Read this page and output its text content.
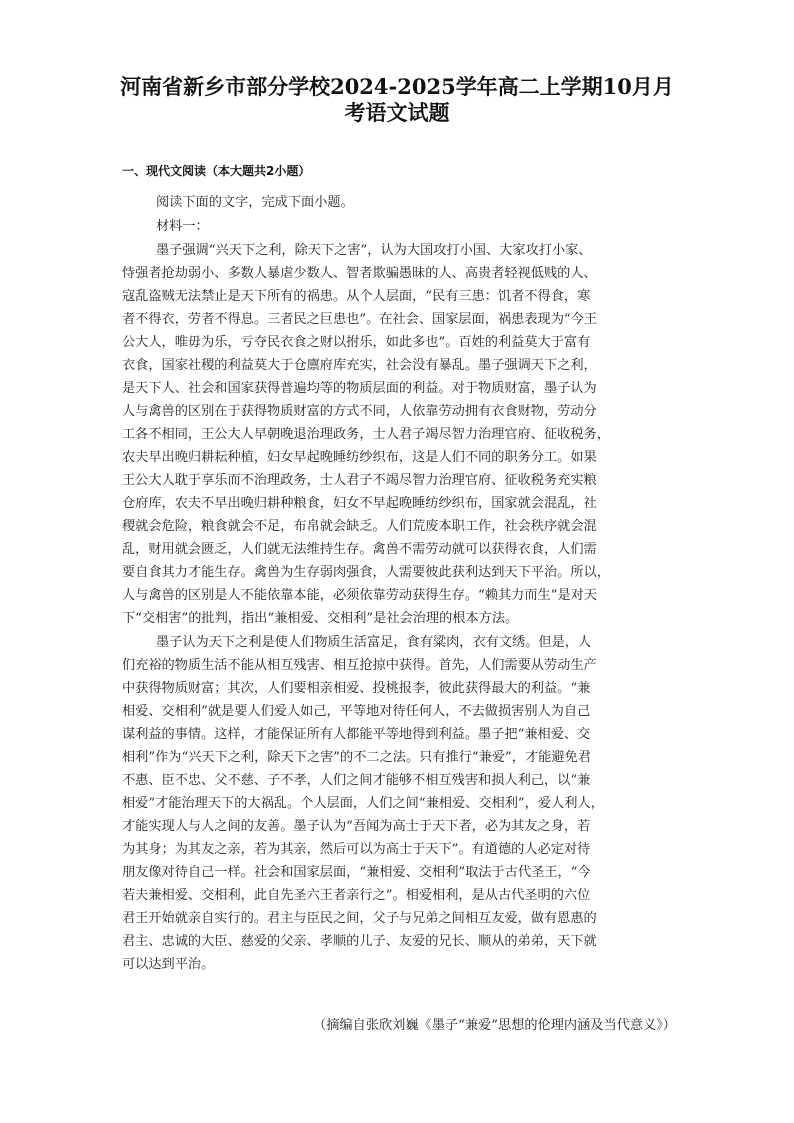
河南省新乡市部分学校2024-2025学年高二上学期10月月
考语文试题
一、现代文阅读（本大题共2小题）
阅读下面的文字，完成下面小题。
材料一：
墨子强调“兴天下之利，除天下之害”，认为大国攻打小国、大家攻打小家、
恃强者抢劫弱小、多数人暴虐少数人、智者欺骗愚昧的人、高贵者轻视低贱的人、
寇乱盗贼无法禁止是天下所有的祸患。从个人层面，“民有三患：饥者不得食，寒
者不得衣，劳者不得息。三者民之巨患也”。在社会、国家层面，祸患表现为“今王
公大人，唯毋为乐，亏夺民衣食之财以拊乐，如此多也”。百姓的利益莫大于富有
衣食，国家社稷的利益莫大于仓廪府库充实，社会没有暴乱。墨子强调天下之利，
是天下人、社会和国家获得普遍均等的物质层面的利益。对于物质财富，墨子认为
人与禽兽的区别在于获得物质财富的方式不同，人依靠劳动拥有衣食财物，劳动分
工各不相同，王公大人早朝晚退治理政务，士人君子竭尽智力治理官府、征收税务，
农夫早出晚归耕耘种植，妇女早起晚睡纺纱织布，这是人们不同的职务分工。如果
王公大人耽于享乐而不治理政务，士人君子不竭尽智力治理官府、征收税务充实粮
仓府库，农夫不早出晚归耕种粮食，妇女不早起晚睡纺纱织布，国家就会混乱，社
稷就会危险，粮食就会不足，布帛就会缺乏。人们荒废本职工作，社会秩序就会混
乱，财用就会匮乏，人们就无法维持生存。禽兽不需劳动就可以获得衣食，人们需
要自食其力才能生存。禽兽为生存弱肉强食，人需要彼此获利达到天下平治。所以，
人与禽兽的区别是人不能依靠本能，必须依靠劳动获得生存。“赖其力而生”是对天
下“交相害”的批判，指出“兼相爱、交相利”是社会治理的根本方法。
墨子认为天下之利是使人们物质生活富足，食有粱肉，衣有文绣。但是，人
们充裕的物质生活不能从相互残害、相互抢掠中获得。首先，人们需要从劳动生产
中获得物质财富；其次，人们要相亲相爱、投桃报李，彼此获得最大的利益。“兼
相爱、交相利”就是要人们爱人如己，平等地对待任何人，不去做损害别人为自己
谋利益的事情。这样，才能保证所有人都能平等地得到利益。墨子把“兼相爱、交
相利”作为“兴天下之利，除天下之害”的不二之法。只有推行“兼爱”，才能避免君
不惠、臣不忠、父不慈、子不孝，人们之间才能够不相互残害和损人利己，以“兼
相爱”才能治理天下的大祸乱。个人层面，人们之间“兼相爱、交相利”，爱人利人，
才能实现人与人之间的友善。墨子认为“吾闻为高士于天下者，必为其友之身，若
为其身；为其友之亲，若为其亲，然后可以为高士于天下”。有道德的人必定对待
朋友像对待自己一样。社会和国家层面，“兼相爱、交相利”取法于古代圣王，“今
若夫兼相爱、交相利，此自先圣六王者亲行之”。相爱相利，是从古代圣明的六位
君王开始就亲自实行的。君主与臣民之间，父子与兄弟之间相互友爱，做有恩惠的
君主、忠诚的大臣、慈爱的父亲、孝顺的儿子、友爱的兄长、顺从的弟弟，天下就
可以达到平治。
（摘编自张欣刘巍《墨子“兼爱”思想的伦理内涵及当代意义》）
